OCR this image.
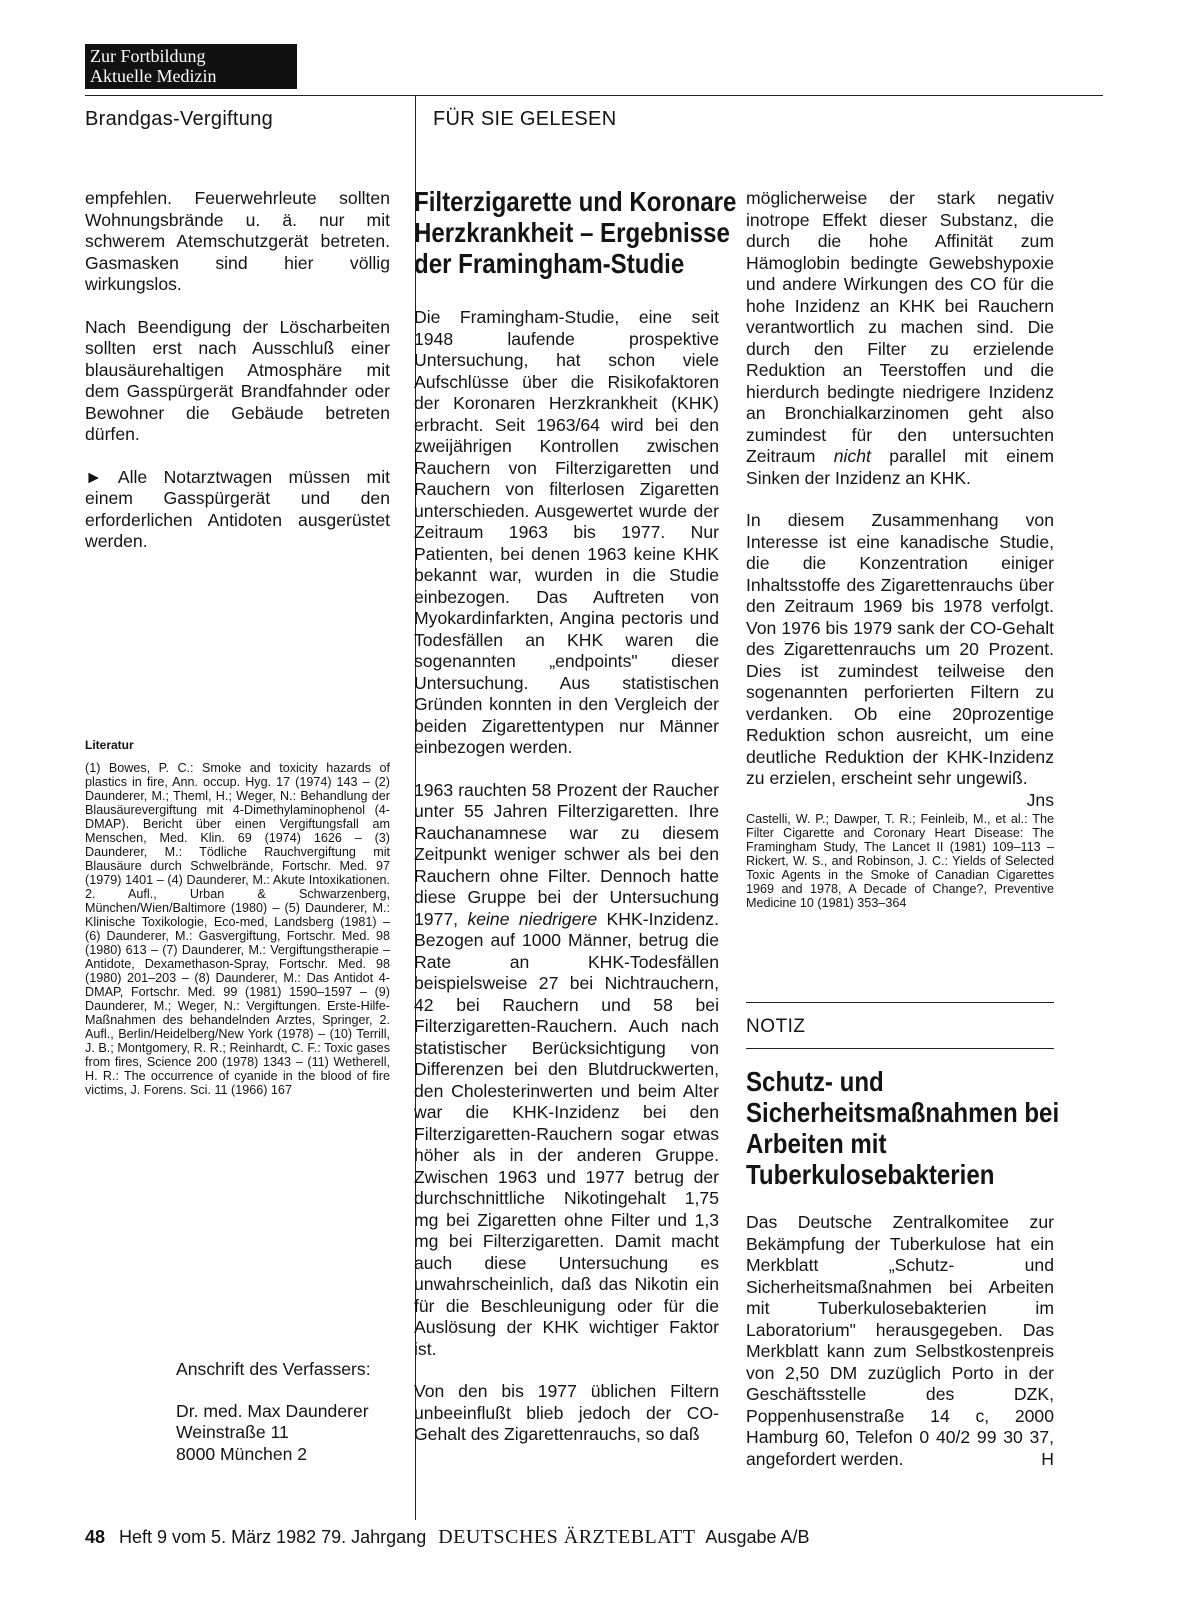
Zur Fortbildung
Aktuelle Medizin
Brandgas-Vergiftung	FÜR SIE GELESEN

empfehlen. Feuerwehrleute sollten Wohnungsbrände u. ä. nur mit schwerem Atemschutzgerät betreten. Gasmasken sind hier völlig wirkungslos.

Nach Beendigung der Löscharbeiten sollten erst nach Ausschluß einer blausäurehaltigen Atmosphäre mit dem Gasspürgerät Brandfahnder oder Bewohner die Gebäude betreten dürfen.

► Alle Notarztwagen müssen mit einem Gasspürgerät und den erforderlichen Antidoten ausgerüstet werden.

Literatur

(1) Bowes, P. C.: Smoke and toxicity hazards of plastics in fire, Ann. occup. Hyg. 17 (1974) 143 – (2) Daunderer, M.; Theml, H.; Weger, N.: Behandlung der Blausäurevergiftung mit 4-Dimethylaminophenol (4-DMAP). Bericht über einen Vergiftungsfall am Menschen, Med. Klin. 69 (1974) 1626 – (3) Daunderer, M.: Tödliche Rauchvergiftung mit Blausäure durch Schwelbrände, Fortschr. Med. 97 (1979) 1401 – (4) Daunderer, M.: Akute Intoxikationen. 2. Aufl., Urban & Schwarzenberg, München/Wien/Baltimore (1980) – (5) Daunderer, M.: Klinische Toxikologie, Eco-med, Landsberg (1981) – (6) Daunderer, M.: Gasvergiftung, Fortschr. Med. 98 (1980) 613 – (7) Daunderer, M.: Vergiftungstherapie – Antidote, Dexamethason-Spray, Fortschr. Med. 98 (1980) 201–203 – (8) Daunderer, M.: Das Antidot 4-DMAP, Fortschr. Med. 99 (1981) 1590–1597 – (9) Daunderer, M.; Weger, N.: Vergiftungen. Erste-Hilfe-Maßnahmen des behandelnden Arztes, Springer, 2. Aufl., Berlin/Heidelberg/New York (1978) – (10) Terrill, J. B.; Montgomery, R. R.; Reinhardt, C. F.: Toxic gases from fires, Science 200 (1978) 1343 – (11) Wetherell, H. R.: The occurrence of cyanide in the blood of fire victims, J. Forens. Sci. 11 (1966) 167

Anschrift des Verfassers:

Dr. med. Max Daunderer

Weinstraße 11

8000 München 2

Filterzigarette und Koronare Herzkrankheit – Ergebnisse der Framingham-Studie

Die Framingham-Studie, eine seit 1948 laufende prospektive Untersuchung, hat schon viele Aufschlüsse über die Risikofaktoren der Koronaren Herzkrankheit (KHK) erbracht. Seit 1963/64 wird bei den zweijährigen Kontrollen zwischen Rauchern von Filterzigaretten und Rauchern von filterlosen Zigaretten unterschieden. Ausgewertet wurde der Zeitraum 1963 bis 1977. Nur Patienten, bei denen 1963 keine KHK bekannt war, wurden in die Studie einbezogen. Das Auftreten von Myokardinfarkten, Angina pectoris und Todesfällen an KHK waren die sogenannten „endpoints" dieser Untersuchung. Aus statistischen Gründen konnten in den Vergleich der beiden Zigarettentypen nur Männer einbezogen werden.

1963 rauchten 58 Prozent der Raucher unter 55 Jahren Filterzigaretten. Ihre Rauchanamnese war zu diesem Zeitpunkt weniger schwer als bei den Rauchern ohne Filter. Dennoch hatte diese Gruppe bei der Untersuchung 1977, keine niedrigere KHK-Inzidenz. Bezogen auf 1000 Männer, betrug die Rate an KHK-Todesfällen beispielsweise 27 bei Nichtrauchern, 42 bei Rauchern und 58 bei Filterzigaretten-Rauchern. Auch nach statistischer Berücksichtigung von Differenzen bei den Blutdruckwerten, den Cholesterinwerten und beim Alter war die KHK-Inzidenz bei den Filterzigaretten-Rauchern sogar etwas höher als in der anderen Gruppe. Zwischen 1963 und 1977 betrug der durchschnittliche Nikotingehalt 1,75 mg bei Zigaretten ohne Filter und 1,3 mg bei Filterzigaretten. Damit macht auch diese Untersuchung es unwahrscheinlich, daß das Nikotin ein für die Beschleunigung oder für die Auslösung der KHK wichtiger Faktor ist.

Von den bis 1977 üblichen Filtern unbeeinflußt blieb jedoch der CO-Gehalt des Zigarettenrauchs, so daß

möglicherweise der stark negativ inotrope Effekt dieser Substanz, die durch die hohe Affinität zum Hämoglobin bedingte Gewebshypoxie und andere Wirkungen des CO für die hohe Inzidenz an KHK bei Rauchern verantwortlich zu machen sind. Die durch den Filter zu erzielende Reduktion an Teerstoffen und die hierdurch bedingte niedrigere Inzidenz an Bronchialkarzinomen geht also zumindest für den untersuchten Zeitraum nicht parallel mit einem Sinken der Inzidenz an KHK.

In diesem Zusammenhang von Interesse ist eine kanadische Studie, die die Konzentration einiger Inhaltsstoffe des Zigarettenrauchs über den Zeitraum 1969 bis 1978 verfolgt. Von 1976 bis 1979 sank der CO-Gehalt des Zigarettenrauchs um 20 Prozent. Dies ist zumindest teilweise den sogenannten perforierten Filtern zu verdanken. Ob eine 20prozentige Reduktion schon ausreicht, um eine deutliche Reduktion der KHK-Inzidenz zu erzielen, erscheint sehr ungewiß.
Jns

Castelli, W. P.; Dawper, T. R.; Feinleib, M., et al.: The Filter Cigarette and Coronary Heart Disease: The Framingham Study, The Lancet II (1981) 109–113 – Rickert, W. S., and Robinson, J. C.: Yields of Selected Toxic Agents in the Smoke of Canadian Cigarettes 1969 and 1978, A Decade of Change?, Preventive Medicine 10 (1981) 353–364

NOTIZ
Schutz- und Sicherheitsmaßnahmen bei Arbeiten mit Tuberkulosebakterien

Das Deutsche Zentralkomitee zur Bekämpfung der Tuberkulose hat ein Merkblatt „Schutz- und Sicherheitsmaßnahmen bei Arbeiten mit Tuberkulosebakterien im Laboratorium" herausgegeben. Das Merkblatt kann zum Selbstkostenpreis von 2,50 DM zuzüglich Porto in der Geschäftsstelle des DZK, Poppenhusenstraße 14 c, 2000 Hamburg 60, Telefon 0 40/2 99 30 37, angefordert werden.	H

48 Heft 9 vom 5. März 1982 79. Jahrgang DEUTSCHES ÄRZTEBLATT Ausgabe A/B
